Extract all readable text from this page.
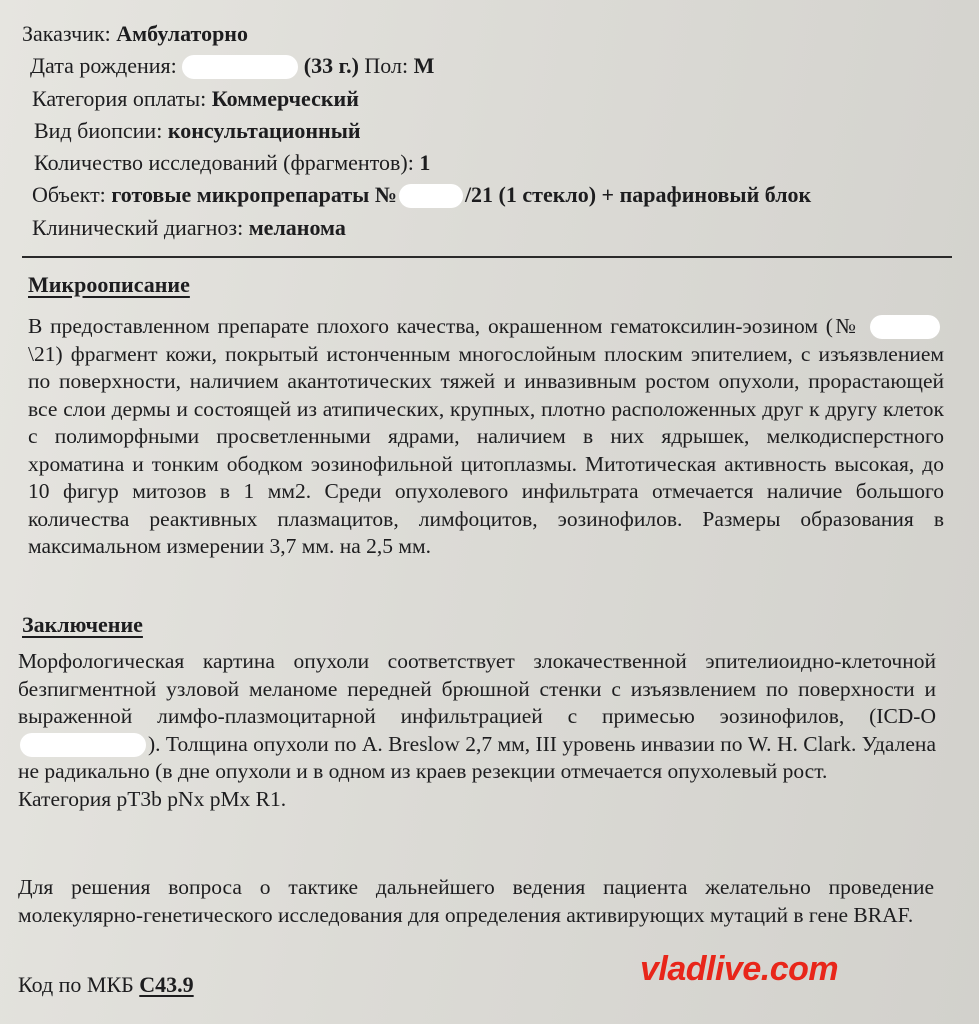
Заказчик: Амбулаторно
Дата рождения:	(33 г.) Пол: М
Категория оплаты: Коммерческий
Вид биопсии: консультационный
Количество исследований (фрагментов): 1
Объект: готовые микропрепараты №	/21 (1 стекло) + парафиновый блок
Клинический диагноз: меланома
Микроописание

В предоставленном препарате плохого качества, окрашенном гематоксилин-эозином (№ \21) фрагмент кожи, покрытый истонченным многослойным плоским эпителием, с изъязвлением по поверхности, наличием акантотических тяжей и инвазивным ростом опухоли, прорастающей все слои дермы и состоящей из атипических, крупных, плотно расположенных друг к другу клеток с полиморфными просветленными ядрами, наличием в них ядрышек, мелкодисперстного хроматина и тонким ободком эозинофильной цитоплазмы. Митотическая активность высокая, до 10 фигур митозов в 1 мм2. Среди опухолевого инфильтрата отмечается наличие большого количества реактивных плазмацитов, лимфоцитов, эозинофилов. Размеры образования в максимальном измерении 3,7 мм. на 2,5 мм.

Заключение

Морфологическая картина опухоли соответствует злокачественной эпителиоидно-клеточной безпигментной узловой меланоме передней брюшной стенки с изъязвлением по поверхности и выраженной лимфо-плазмоцитарной инфильтрацией с примесью эозинофилов, (ICD-O ). Толщина опухоли по A. Breslow 2,7 мм, III уровень инвазии по W. H. Clark. Удалена не радикально (в дне опухоли и в одном из краев резекции отмечается опухолевый рост.

Категория pT3b pNx pMx R1.

Для решения вопроса о тактике дальнейшего ведения пациента желательно проведение молекулярно-генетического исследования для определения активирующих мутаций в гене BRAF.

Код по МКБ C43.9	vladlive.com
